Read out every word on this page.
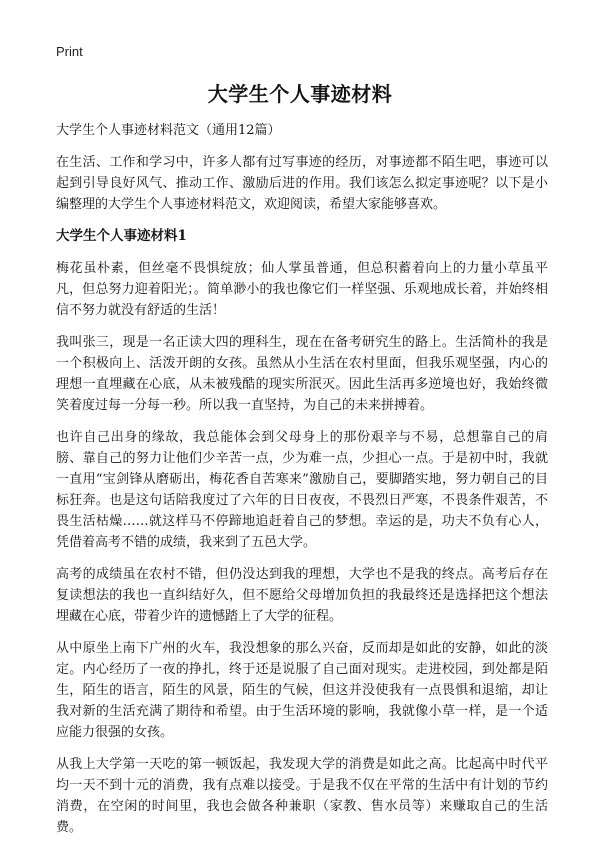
Print
大学生个人事迹材料
大学生个人事迹材料范文（通用12篇）

在生活、工作和学习中，许多人都有过写事迹的经历，对事迹都不陌生吧，事迹可以起到引导良好风气、推动工作、激励后进的作用。我们该怎么拟定事迹呢？以下是小编整理的大学生个人事迹材料范文，欢迎阅读，希望大家能够喜欢。

大学生个人事迹材料1

梅花虽朴素，但丝毫不畏惧绽放；仙人掌虽普通，但总积蓄着向上的力量小草虽平凡，但总努力迎着阳光；。简单渺小的我也像它们一样坚强、乐观地成长着，并始终相信不努力就没有舒适的生活！

我叫张三，现是一名正读大四的理科生，现在在备考研究生的路上。生活简朴的我是一个积极向上、活泼开朗的女孩。虽然从小生活在农村里面，但我乐观坚强，内心的理想一直埋藏在心底，从未被残酷的现实所泯灭。因此生活再多逆境也好，我始终微笑着度过每一分每一秒。所以我一直坚持，为自己的未来拼搏着。

也许自己出身的缘故，我总能体会到父母身上的那份艰辛与不易，总想靠自己的肩膀、靠自己的努力让他们少辛苦一点，少为难一点，少担心一点。于是初中时，我就一直用“宝剑锋从磨砺出，梅花香自苦寒来”激励自己，要脚踏实地，努力朝自己的目标狂奔。也是这句话陪我度过了六年的日日夜夜，不畏烈日严寒，不畏条件艰苦，不畏生活枯燥……就这样马不停蹄地追赶着自己的梦想。幸运的是，功夫不负有心人，凭借着高考不错的成绩，我来到了五邑大学。

高考的成绩虽在农村不错，但仍没达到我的理想，大学也不是我的终点。高考后存在复读想法的我也一直纠结好久，但不愿给父母增加负担的我最终还是选择把这个想法埋藏在心底，带着少许的遗憾踏上了大学的征程。

从中原坐上南下广州的火车，我没想象的那么兴奋，反而却是如此的安静，如此的淡定。内心经历了一夜的挣扎，终于还是说服了自己面对现实。走进校园，到处都是陌生，陌生的语言，陌生的风景，陌生的气候，但这并没使我有一点畏惧和退缩，却让我对新的生活充满了期待和希望。由于生活环境的影响，我就像小草一样，是一个适应能力很强的女孩。

从我上大学第一天吃的第一顿饭起，我发现大学的消费是如此之高。比起高中时代平均一天不到十元的消费，我有点难以接受。于是我不仅在平常的生活中有计划的节约消费，在空闲的时间里，我也会做各种兼职（家教、售水员等）来赚取自己的生活费。
